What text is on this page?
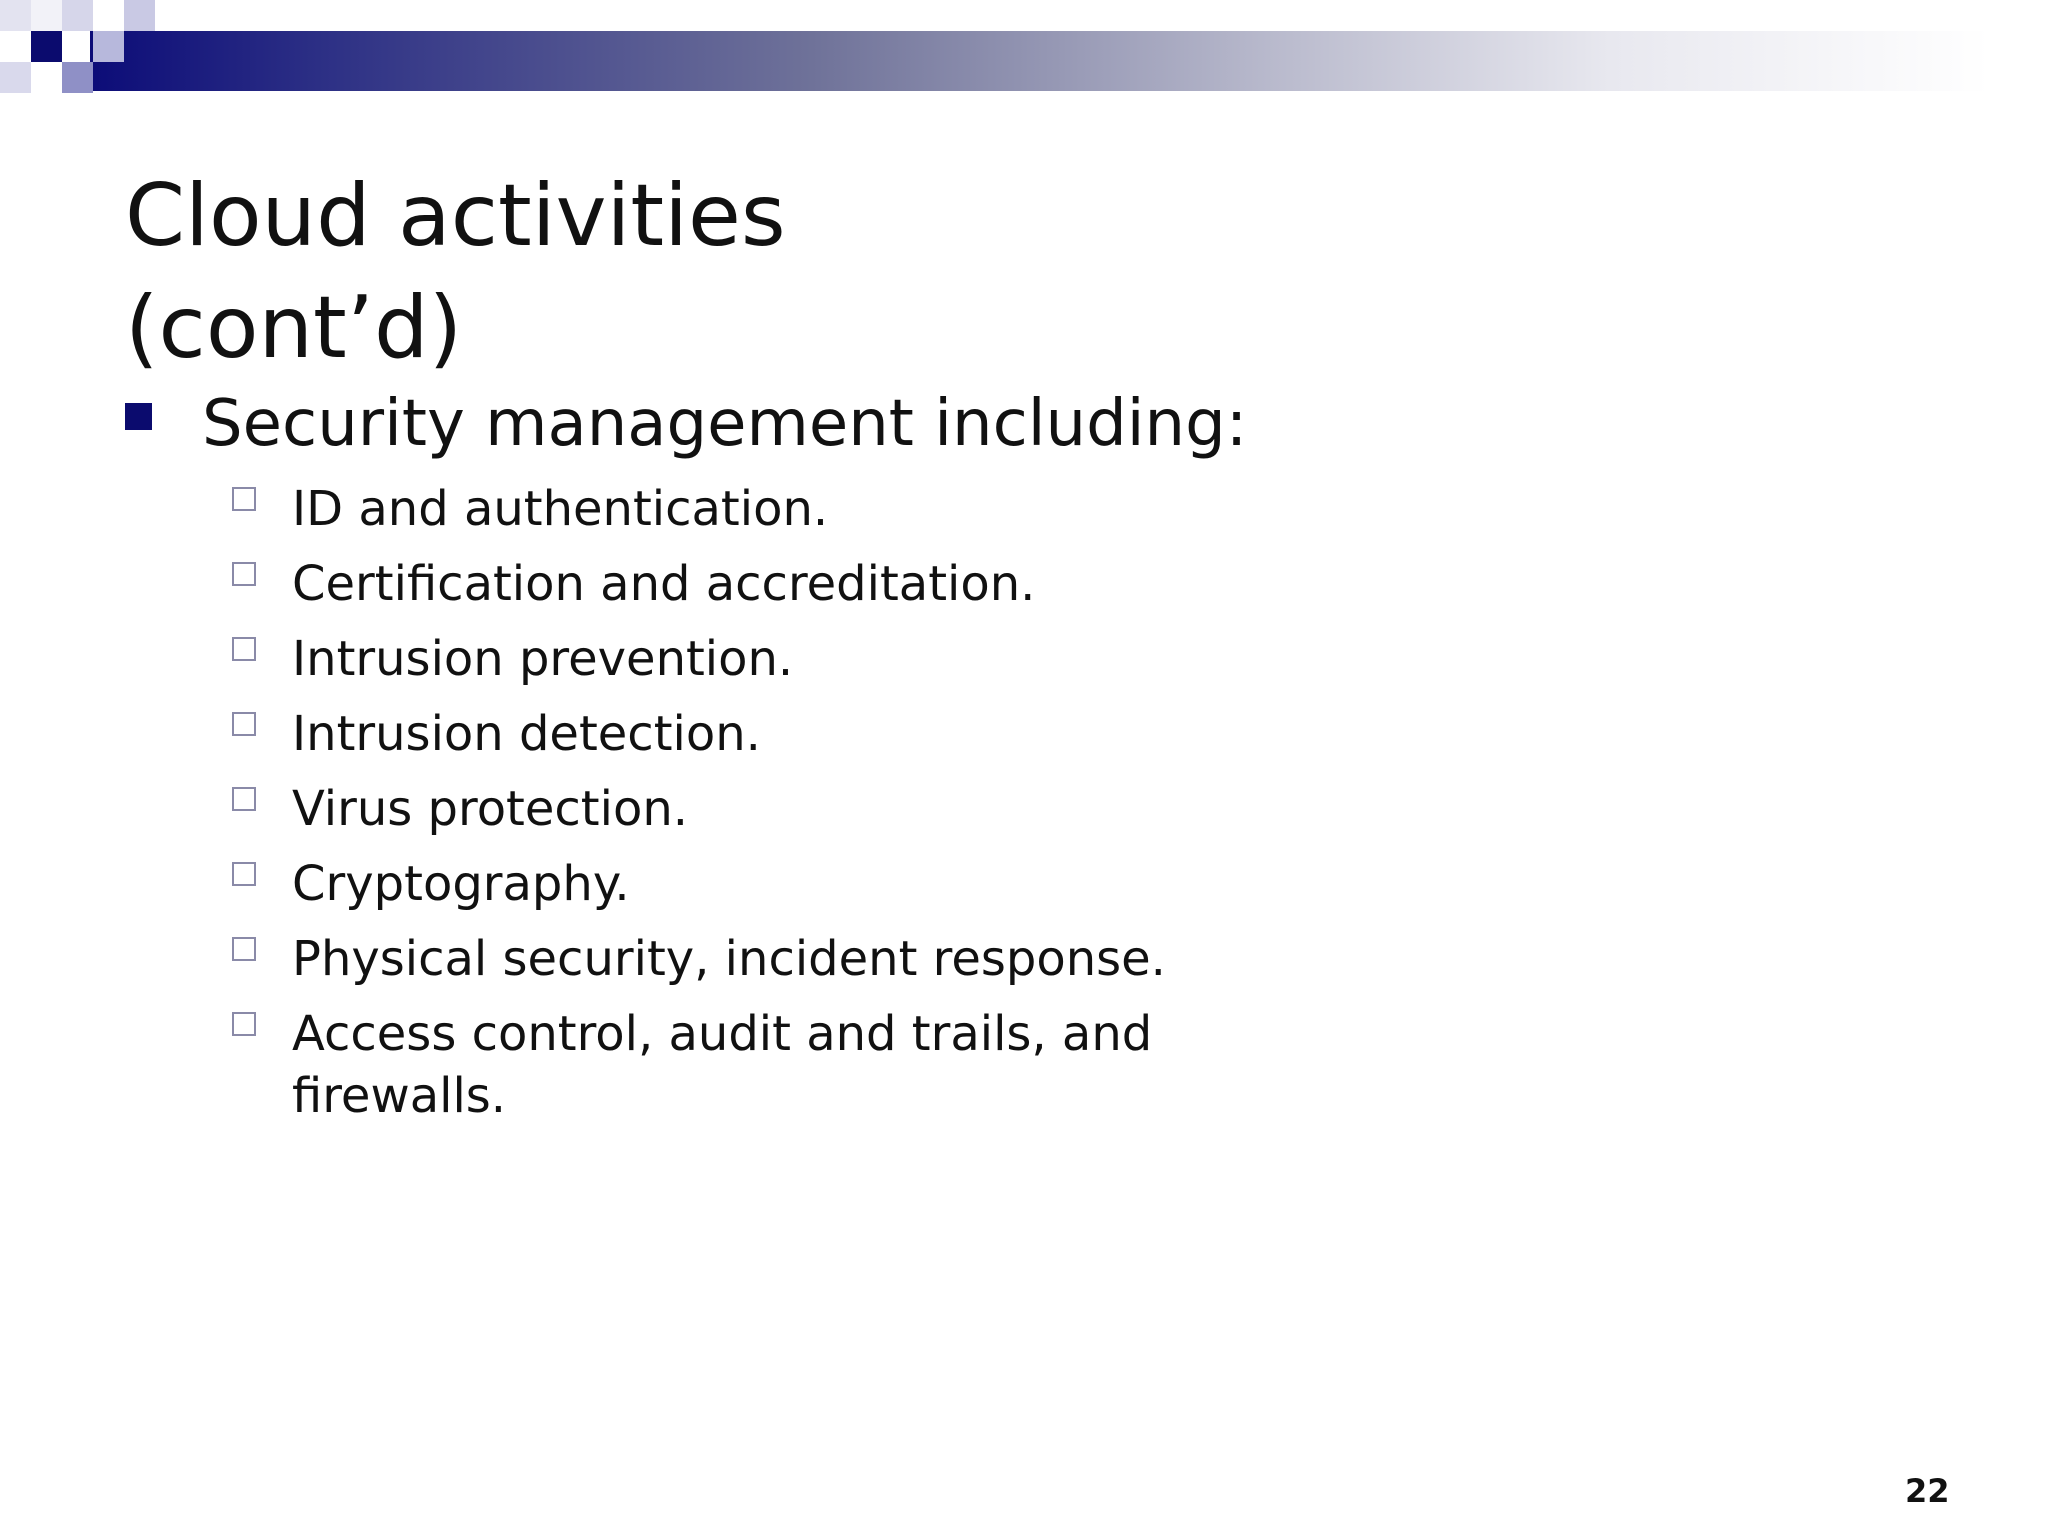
Cloud activities
(cont’d)
Security management including:
ID and authentication.
Certification and accreditation.
Intrusion prevention.
Intrusion detection.
Virus protection.
Cryptography.
Physical security, incident response.
Access control, audit and trails, and firewalls.
22
